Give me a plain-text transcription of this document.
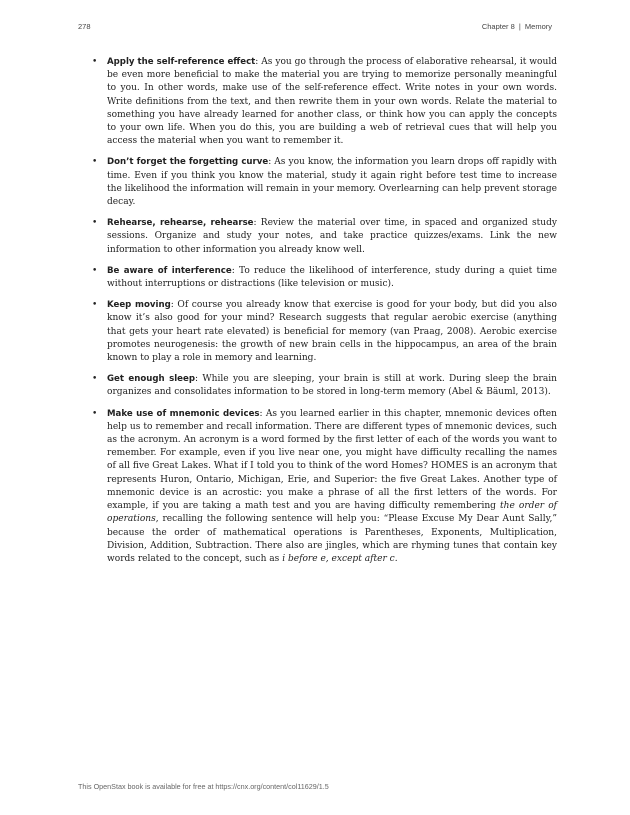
278	Chapter 8 | Memory
• Apply the self-reference effect: As you go through the process of elaborative rehearsal, it would be even more beneficial to make the material you are trying to memorize personally meaningful to you. In other words, make use of the self-reference effect. Write notes in your own words. Write definitions from the text, and then rewrite them in your own words. Relate the material to something you have already learned for another class, or think how you can apply the concepts to your own life. When you do this, you are building a web of retrieval cues that will help you access the material when you want to remember it.
• Don’t forget the forgetting curve: As you know, the information you learn drops off rapidly with time. Even if you think you know the material, study it again right before test time to increase the likelihood the information will remain in your memory. Overlearning can help prevent storage decay.
• Rehearse, rehearse, rehearse: Review the material over time, in spaced and organized study sessions. Organize and study your notes, and take practice quizzes/exams. Link the new information to other information you already know well.
• Be aware of interference: To reduce the likelihood of interference, study during a quiet time without interruptions or distractions (like television or music).
• Keep moving: Of course you already know that exercise is good for your body, but did you also know it’s also good for your mind? Research suggests that regular aerobic exercise (anything that gets your heart rate elevated) is beneficial for memory (van Praag, 2008). Aerobic exercise promotes neurogenesis: the growth of new brain cells in the hippocampus, an area of the brain known to play a role in memory and learning.
• Get enough sleep: While you are sleeping, your brain is still at work. During sleep the brain organizes and consolidates information to be stored in long-term memory (Abel & Bäuml, 2013).
• Make use of mnemonic devices: As you learned earlier in this chapter, mnemonic devices often help us to remember and recall information. There are different types of mnemonic devices, such as the acronym. An acronym is a word formed by the first letter of each of the words you want to remember. For example, even if you live near one, you might have difficulty recalling the names of all five Great Lakes. What if I told you to think of the word Homes? HOMES is an acronym that represents Huron, Ontario, Michigan, Erie, and Superior: the five Great Lakes. Another type of mnemonic device is an acrostic: you make a phrase of all the first letters of the words. For example, if you are taking a math test and you are having difficulty remembering the order of operations, recalling the following sentence will help you: “Please Excuse My Dear Aunt Sally,” because the order of mathematical operations is Parentheses, Exponents, Multiplication, Division, Addition, Subtraction. There also are jingles, which are rhyming tunes that contain key words related to the concept, such as i before e, except after c.
This OpenStax book is available for free at https://cnx.org/content/col11629/1.5
